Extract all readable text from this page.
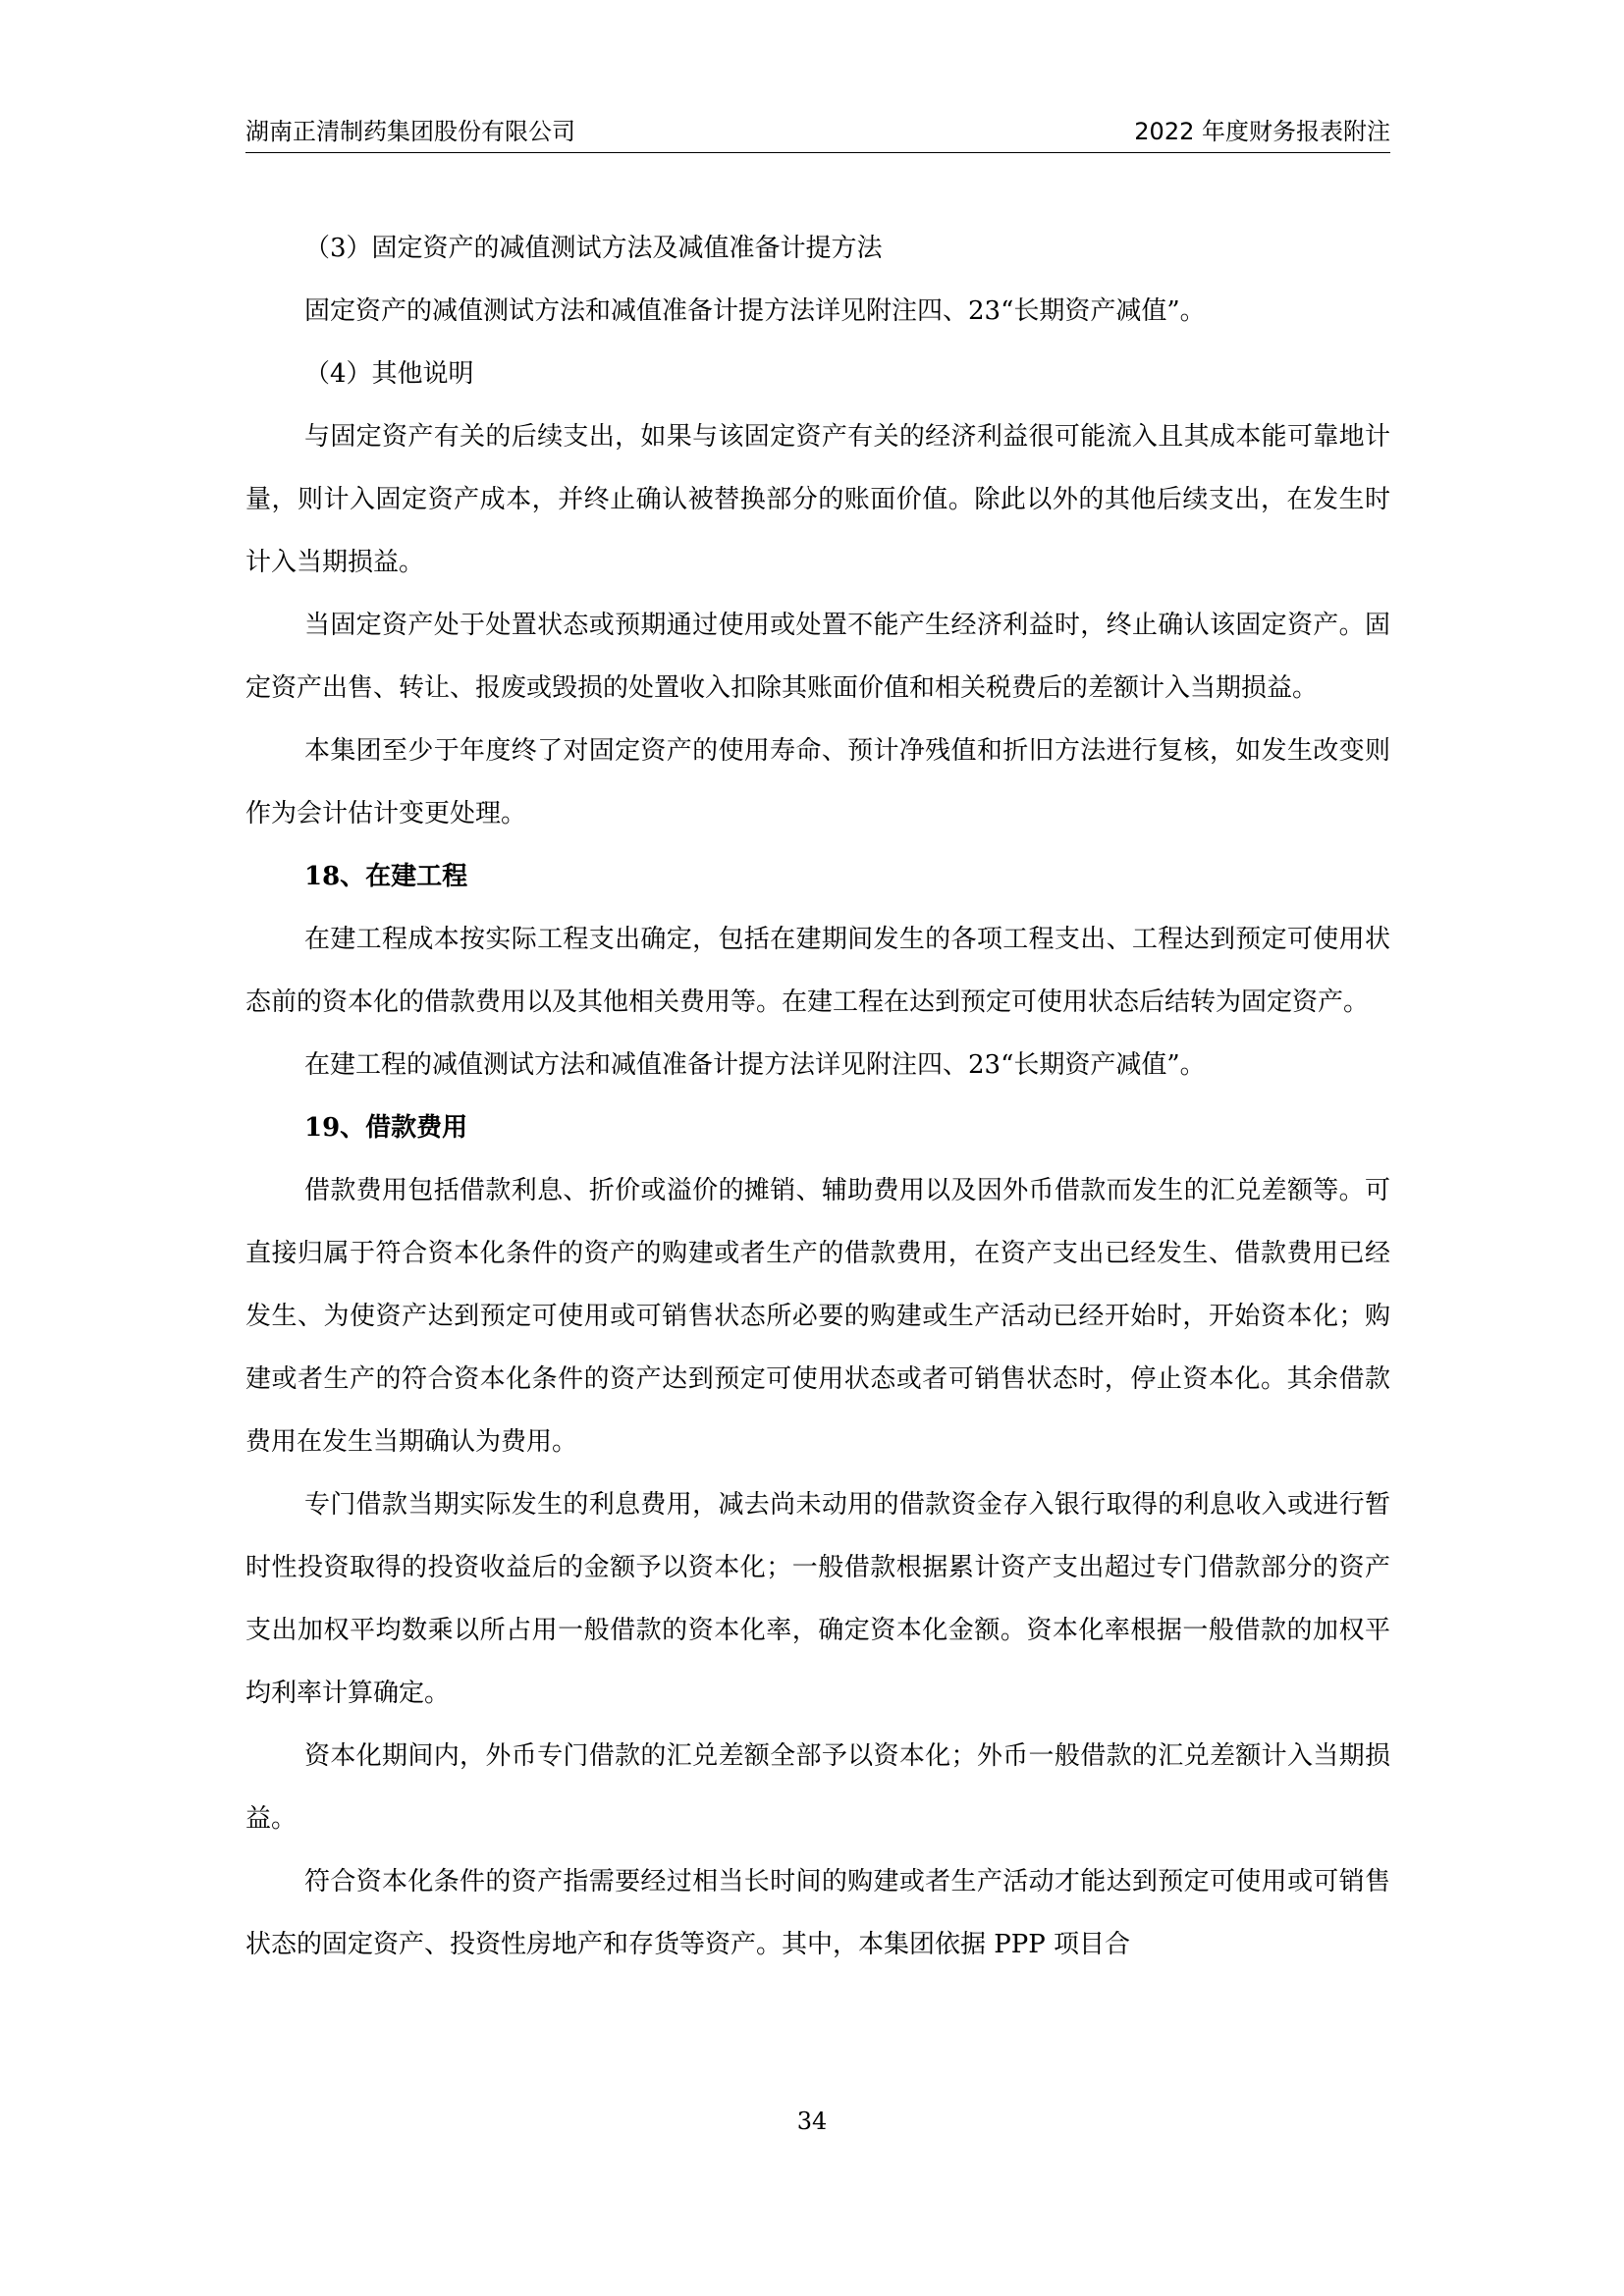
湖南正清制药集团股份有限公司	2022 年度财务报表附注

（3）固定资产的减值测试方法及减值准备计提方法

固定资产的减值测试方法和减值准备计提方法详见附注四、23“长期资产减值”。

（4）其他说明

与固定资产有关的后续支出，如果与该固定资产有关的经济利益很可能流入且其成本能可靠地计量，则计入固定资产成本，并终止确认被替换部分的账面价值。除此以外的其他后续支出，在发生时计入当期损益。

当固定资产处于处置状态或预期通过使用或处置不能产生经济利益时，终止确认该固定资产。固定资产出售、转让、报废或毁损的处置收入扣除其账面价值和相关税费后的差额计入当期损益。

本集团至少于年度终了对固定资产的使用寿命、预计净残值和折旧方法进行复核，如发生改变则作为会计估计变更处理。

18、在建工程

在建工程成本按实际工程支出确定，包括在建期间发生的各项工程支出、工程达到预定可使用状态前的资本化的借款费用以及其他相关费用等。在建工程在达到预定可使用状态后结转为固定资产。

在建工程的减值测试方法和减值准备计提方法详见附注四、23“长期资产减值”。

19、借款费用

借款费用包括借款利息、折价或溢价的摊销、辅助费用以及因外币借款而发生的汇兑差额等。可直接归属于符合资本化条件的资产的购建或者生产的借款费用，在资产支出已经发生、借款费用已经发生、为使资产达到预定可使用或可销售状态所必要的购建或生产活动已经开始时，开始资本化；购建或者生产的符合资本化条件的资产达到预定可使用状态或者可销售状态时，停止资本化。其余借款费用在发生当期确认为费用。

专门借款当期实际发生的利息费用，减去尚未动用的借款资金存入银行取得的利息收入或进行暂时性投资取得的投资收益后的金额予以资本化；一般借款根据累计资产支出超过专门借款部分的资产支出加权平均数乘以所占用一般借款的资本化率，确定资本化金额。资本化率根据一般借款的加权平均利率计算确定。

资本化期间内，外币专门借款的汇兑差额全部予以资本化；外币一般借款的汇兑差额计入当期损益。

符合资本化条件的资产指需要经过相当长时间的购建或者生产活动才能达到预定可使用或可销售状态的固定资产、投资性房地产和存货等资产。其中，本集团依据 PPP 项目合

34
